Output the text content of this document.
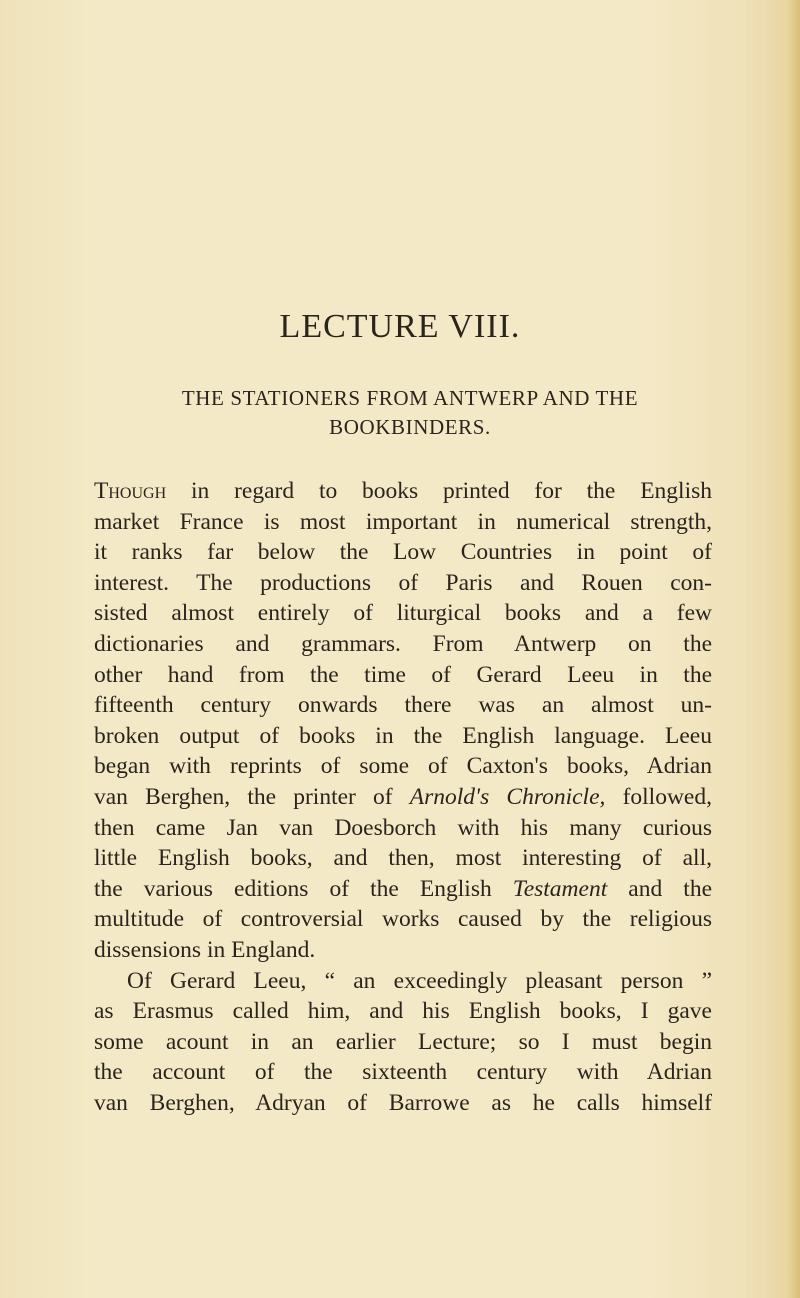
LECTURE VIII.
THE STATIONERS FROM ANTWERP AND THE
BOOKBINDERS.
Though in regard to books printed for the English
market France is most important in numerical strength,
it ranks far below the Low Countries in point of
interest. The productions of Paris and Rouen con-
sisted almost entirely of liturgical books and a few
dictionaries and grammars. From Antwerp on the
other hand from the time of Gerard Leeu in the
fifteenth century onwards there was an almost un-
broken output of books in the English language. Leeu
began with reprints of some of Caxton's books, Adrian
van Berghen, the printer of Arnold's Chronicle, followed,
then came Jan van Doesborch with his many curious
little English books, and then, most interesting of all,
the various editions of the English Testament and the
multitude of controversial works caused by the religious
dissensions in England.
Of Gerard Leeu, “ an exceedingly pleasant person ”
as Erasmus called him, and his English books, I gave
some acount in an earlier Lecture; so I must begin
the account of the sixteenth century with Adrian
van Berghen, Adryan of Barrowe as he calls himself
